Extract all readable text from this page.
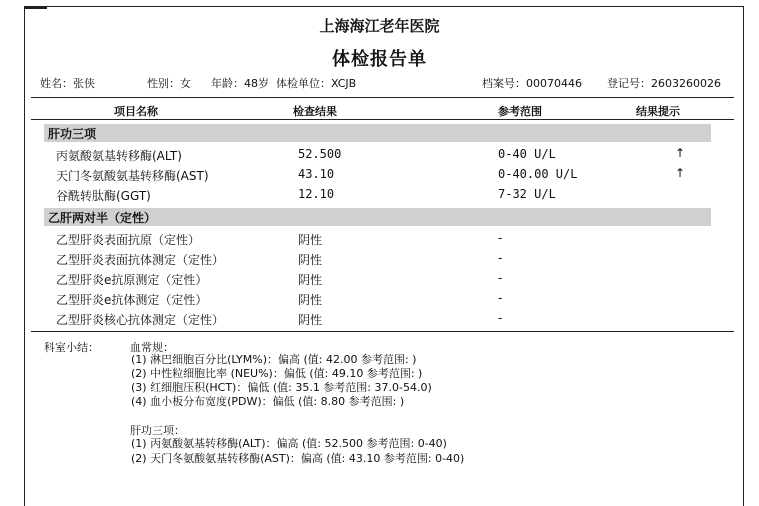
上海海江老年医院
体检报告单
姓名：张侠	性别：女 年龄：48岁 体检单位：XCJB	档案号：00070446 登记号：2603260026
项目名称	检查结果	参考范围	结果提示
肝功三项
丙氨酸氨基转移酶(ALT)	52.500	0-40 U/L	↑
天门冬氨酸氨基转移酶(AST)	43.10	0-40.00 U/L	↑
谷酰转肽酶(GGT)	12.10	7-32 U/L
乙肝两对半（定性）
乙型肝炎表面抗原（定性）	阴性	-
乙型肝炎表面抗体测定（定性）	阴性	-
乙型肝炎e抗原测定（定性）	阴性	-
乙型肝炎e抗体测定（定性）	阴性	-
乙型肝炎核心抗体测定（定性）	阴性	-
科室小结：	血常规：
(1) 淋巴细胞百分比(LYM%)：偏高 (值: 42.00 参考范围: )
(2) 中性粒细胞比率 (NEU%)：偏低 (值: 49.10 参考范围: )
(3) 红细胞压积(HCT)：偏低 (值: 35.1 参考范围: 37.0-54.0)
(4) 血小板分布宽度(PDW)：偏低 (值: 8.80 参考范围: )
肝功三项：
(1) 丙氨酸氨基转移酶(ALT)：偏高 (值: 52.500 参考范围: 0-40)
(2) 天门冬氨酸氨基转移酶(AST)：偏高 (值: 43.10 参考范围: 0-40)
